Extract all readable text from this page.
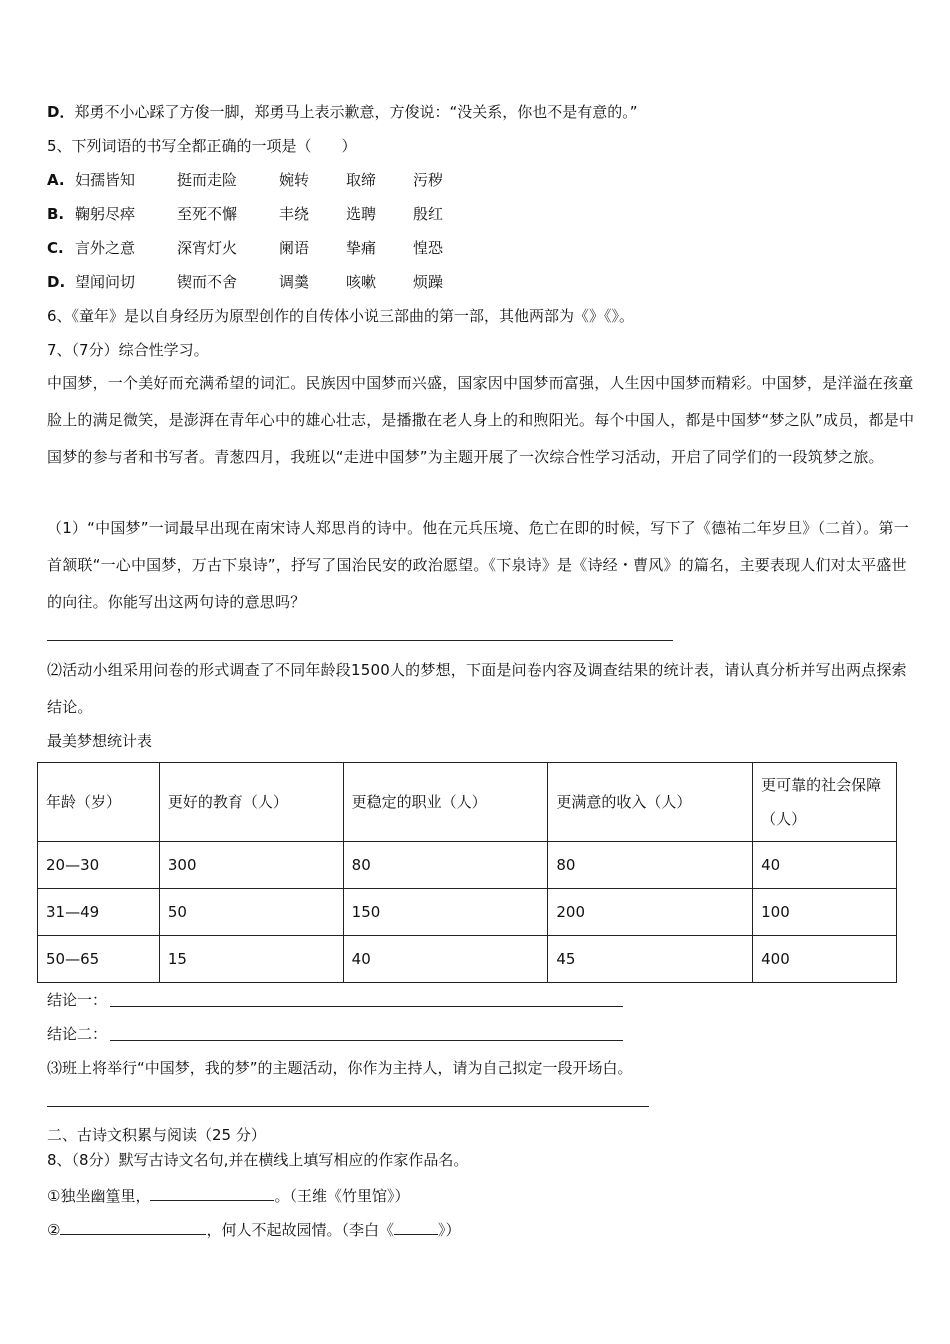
D．郑勇不小心踩了方俊一脚，郑勇马上表示歉意，方俊说：“没关系，你也不是有意的。”
5、下列词语的书写全都正确的一项是（　　）
A. 妇孺皆知	挺而走险	婉转 取缔 污秽
B. 鞠躬尽瘁	至死不懈	丰绕 选聘 殷红
C. 言外之意	深宵灯火	阑语 挚痛 惶恐
D. 望闻问切	锲而不舍	调羹 咳嗽 烦躁
6、《童年》是以自身经历为原型创作的自传体小说三部曲的第一部，其他两部为《》《》。
7、（7分）综合性学习。
中国梦，一个美好而充满希望的词汇。民族因中国梦而兴盛，国家因中国梦而富强，人生因中国梦而精彩。中国梦，是洋溢在孩童脸上的满足微笑，是澎湃在青年心中的雄心壮志，是播撒在老人身上的和煦阳光。每个中国人，都是中国梦“梦之队”成员，都是中国梦的参与者和书写者。青葱四月，我班以“走进中国梦”为主题开展了一次综合性学习活动，开启了同学们的一段筑梦之旅。
（1）“中国梦”一词最早出现在南宋诗人郑思肖的诗中。他在元兵压境、危亡在即的时候，写下了《德祐二年岁旦》（二首）。第一首颔联“一心中国梦，万古下泉诗”，抒写了国治民安的政治愿望。《下泉诗》是《诗经・曹风》的篇名，主要表现人们对太平盛世的向往。你能写出这两句诗的意思吗？
⑵活动小组采用问卷的形式调查了不同年龄段1500人的梦想，下面是问卷内容及调查结果的统计表，请认真分析并写出两点探索结论。
最美梦想统计表
年龄（岁）	更好的教育（人）	更稳定的职业（人）	更满意的收入（人）	更可靠的社会保障（人）
20—30	300	80	80	40
31—49	50	150	200	100
50—65	15	40	45	400
结论一：
结论二：
⑶班上将举行“中国梦，我的梦”的主题活动，你作为主持人，请为自己拟定一段开场白。
二、古诗文积累与阅读（25 分）
8、（8分）默写古诗文名句,并在横线上填写相应的作家作品名。
①独坐幽篁里，	。（王维《竹里馆》）
②	，何人不起故园情。（李白《	》）
